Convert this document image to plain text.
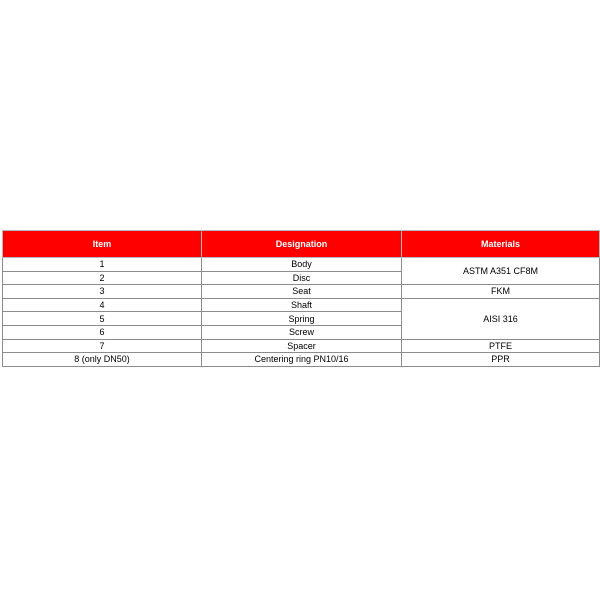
Item	Designation	Materials
1	Body	ASTM A351 CF8M
2	Disc	
3	Seat	FKM
4	Shaft	AISI 316
5	Spring	
6	Screw	
7	Spacer	PTFE
8 (only DN50)	Centering ring PN10/16	PPR
